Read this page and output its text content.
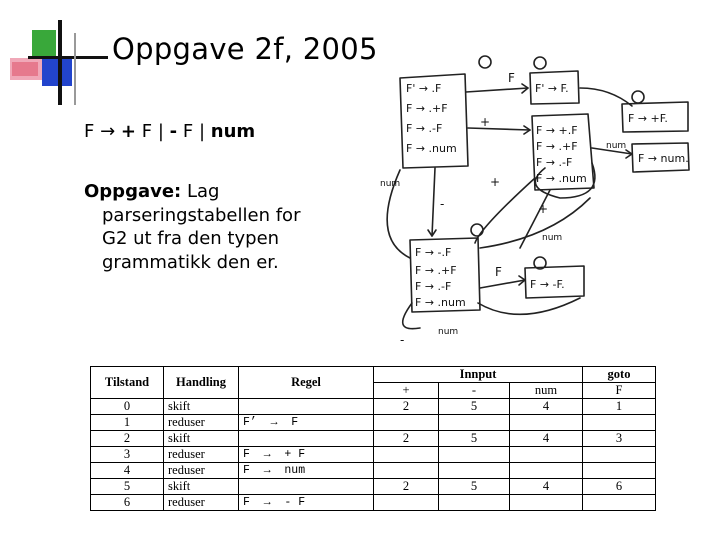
Oppgave 2f, 2005
F → + F | - F | num
Oppgave: Lag
parseringstabellen for
G2 ut fra den typen
grammatikk den er.
F' → .F
F → .+F
F → .-F
F → .num
F' → F.
F → +F.
F → +.F
F → .+F
F → .-F
F → .num
F → num.
F → -.F
F → .+F
F → .-F
F → .num
F → -F.
F
+
num
num	+
-	+
num
F
num
-
Tilstand	Handling	Regel	Innput			goto
			+	-	num	F
0	skift		2	5	4	1
1	reduser	F’  →  F				
2	skift		2	5	4	3
3	reduser	F  →  + F				
4	reduser	F  →  num				
5	skift		2	5	4	6
6	reduser	F  →  - F				
